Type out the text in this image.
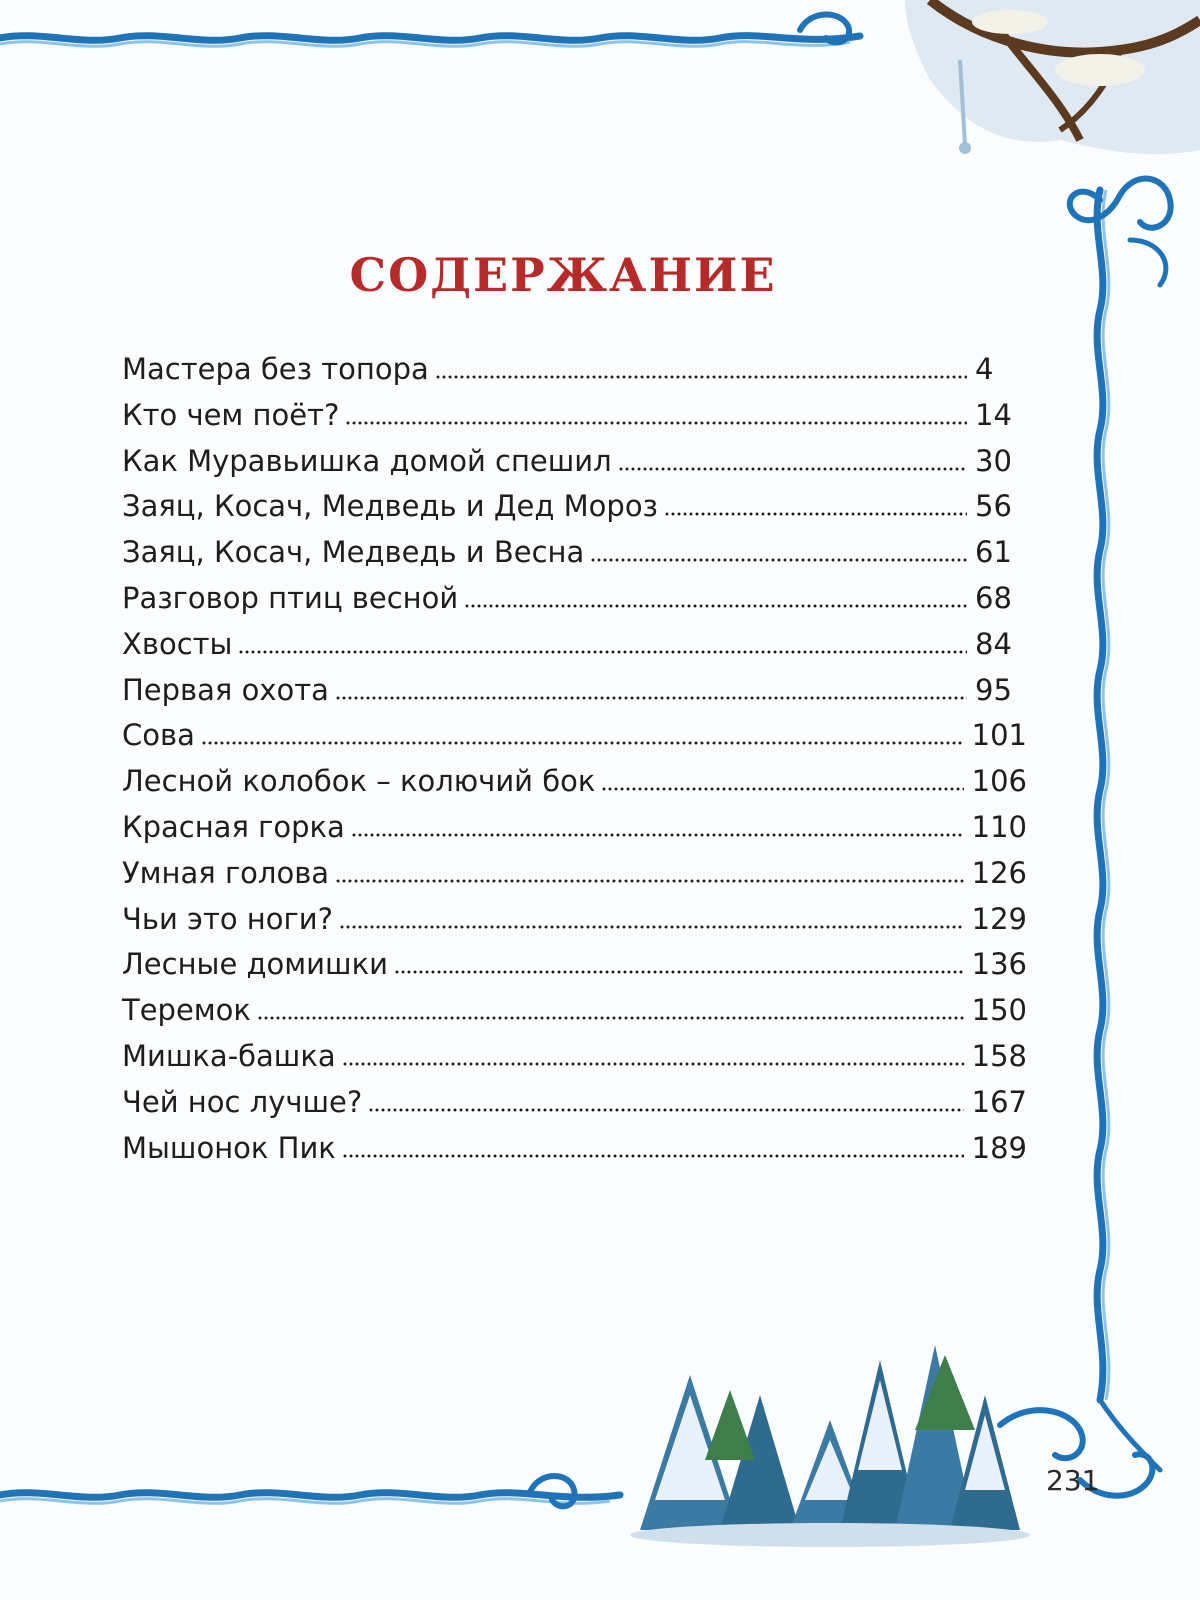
СОДЕРЖАНИЕ
Мастера без топора	4
Кто чем поёт?	14
Как Муравьишка домой спешил	30
Заяц, Косач, Медведь и Дед Мороз	56
Заяц, Косач, Медведь и Весна	61
Разговор птиц весной	68
Хвосты	84
Первая охота	95
Сова	101
Лесной колобок – колючий бок	106
Красная горка	110
Умная голова	126
Чьи это ноги?	129
Лесные домишки	136
Теремок	150
Мишка-башка	158
Чей нос лучше?	167
Мышонок Пик	189
231
